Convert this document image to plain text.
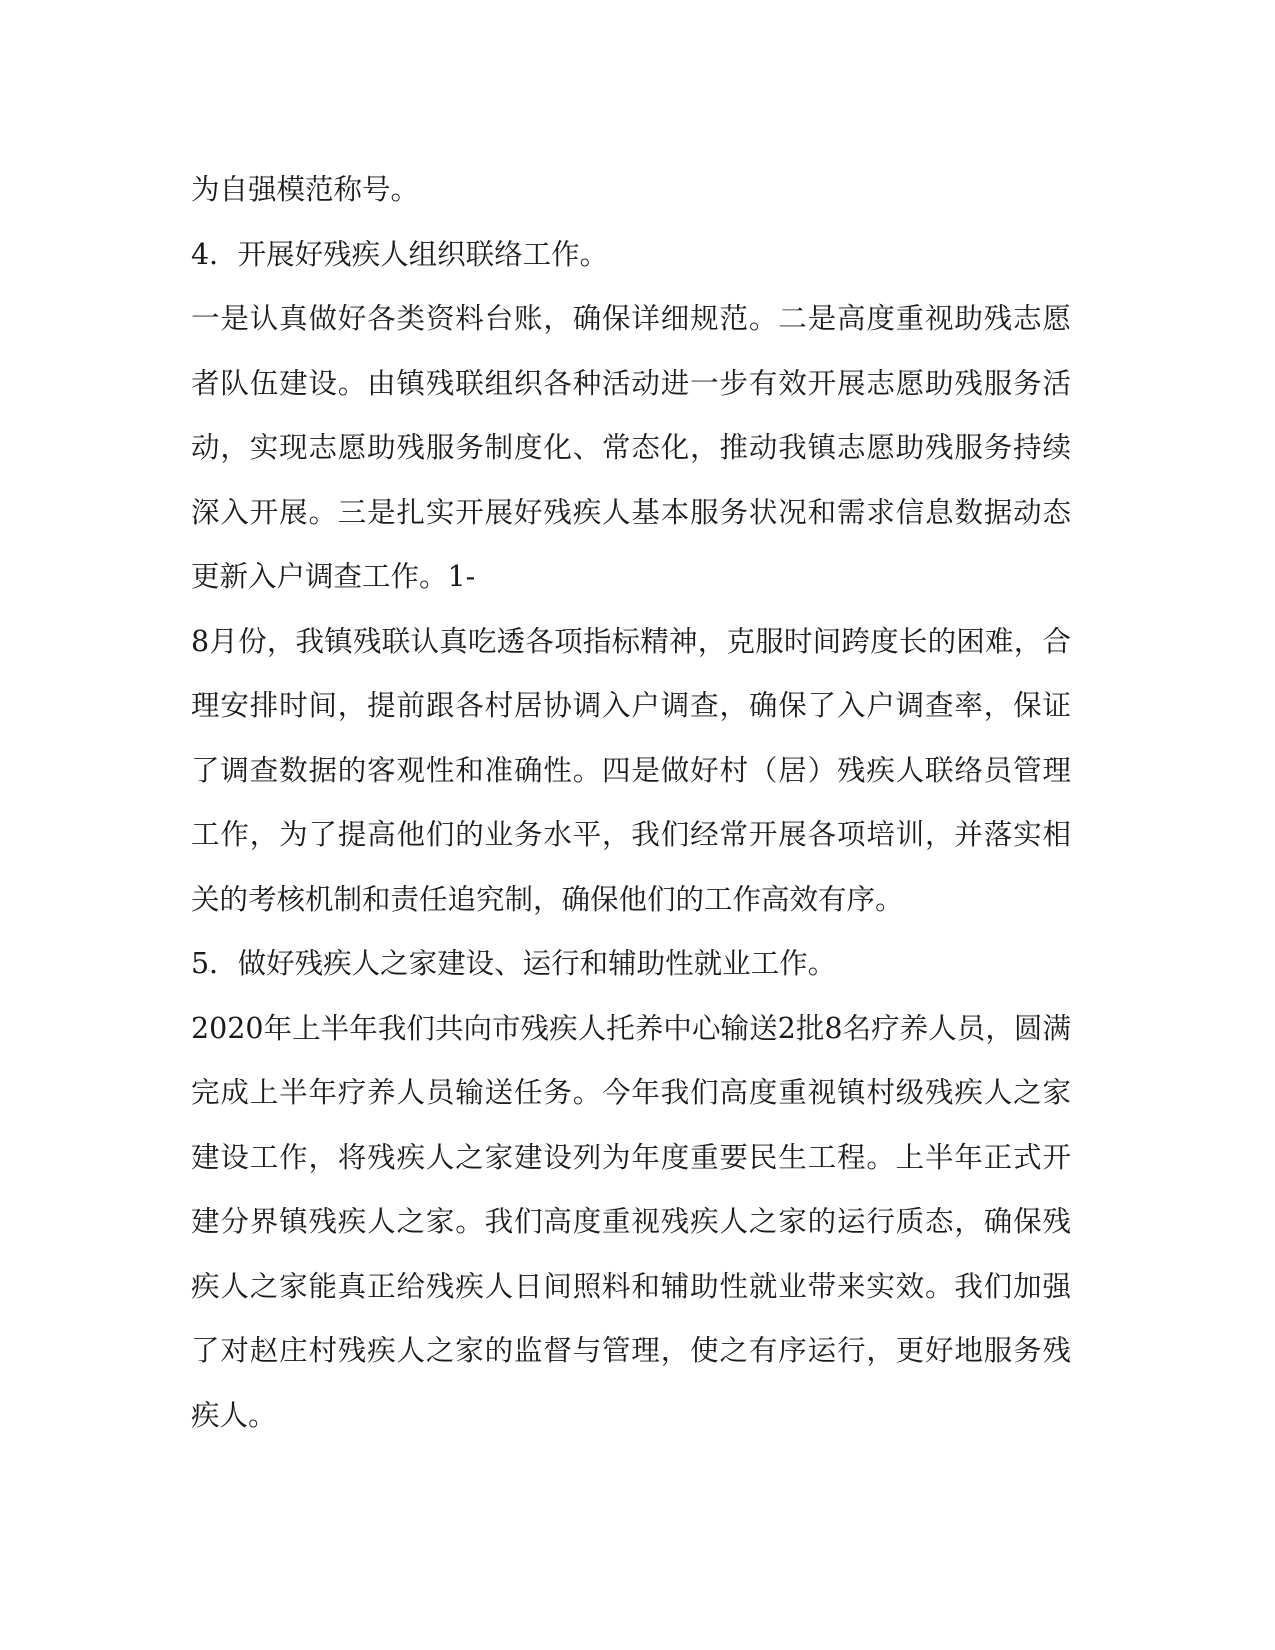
为自强模范称号。
4．开展好残疾人组织联络工作。
一是认真做好各类资料台账，确保详细规范。二是高度重视助残志愿
者队伍建设。由镇残联组织各种活动进一步有效开展志愿助残服务活
动，实现志愿助残服务制度化、常态化，推动我镇志愿助残服务持续
深入开展。三是扎实开展好残疾人基本服务状况和需求信息数据动态
更新入户调查工作。1-
8月份，我镇残联认真吃透各项指标精神，克服时间跨度长的困难，合
理安排时间，提前跟各村居协调入户调查，确保了入户调查率，保证
了调查数据的客观性和准确性。四是做好村（居）残疾人联络员管理
工作，为了提高他们的业务水平，我们经常开展各项培训，并落实相
关的考核机制和责任追究制，确保他们的工作高效有序。
5．做好残疾人之家建设、运行和辅助性就业工作。
2020年上半年我们共向市残疾人托养中心输送2批8名疗养人员，圆满
完成上半年疗养人员输送任务。今年我们高度重视镇村级残疾人之家
建设工作，将残疾人之家建设列为年度重要民生工程。上半年正式开
建分界镇残疾人之家。我们高度重视残疾人之家的运行质态，确保残
疾人之家能真正给残疾人日间照料和辅助性就业带来实效。我们加强
了对赵庄村残疾人之家的监督与管理，使之有序运行，更好地服务残
疾人。
